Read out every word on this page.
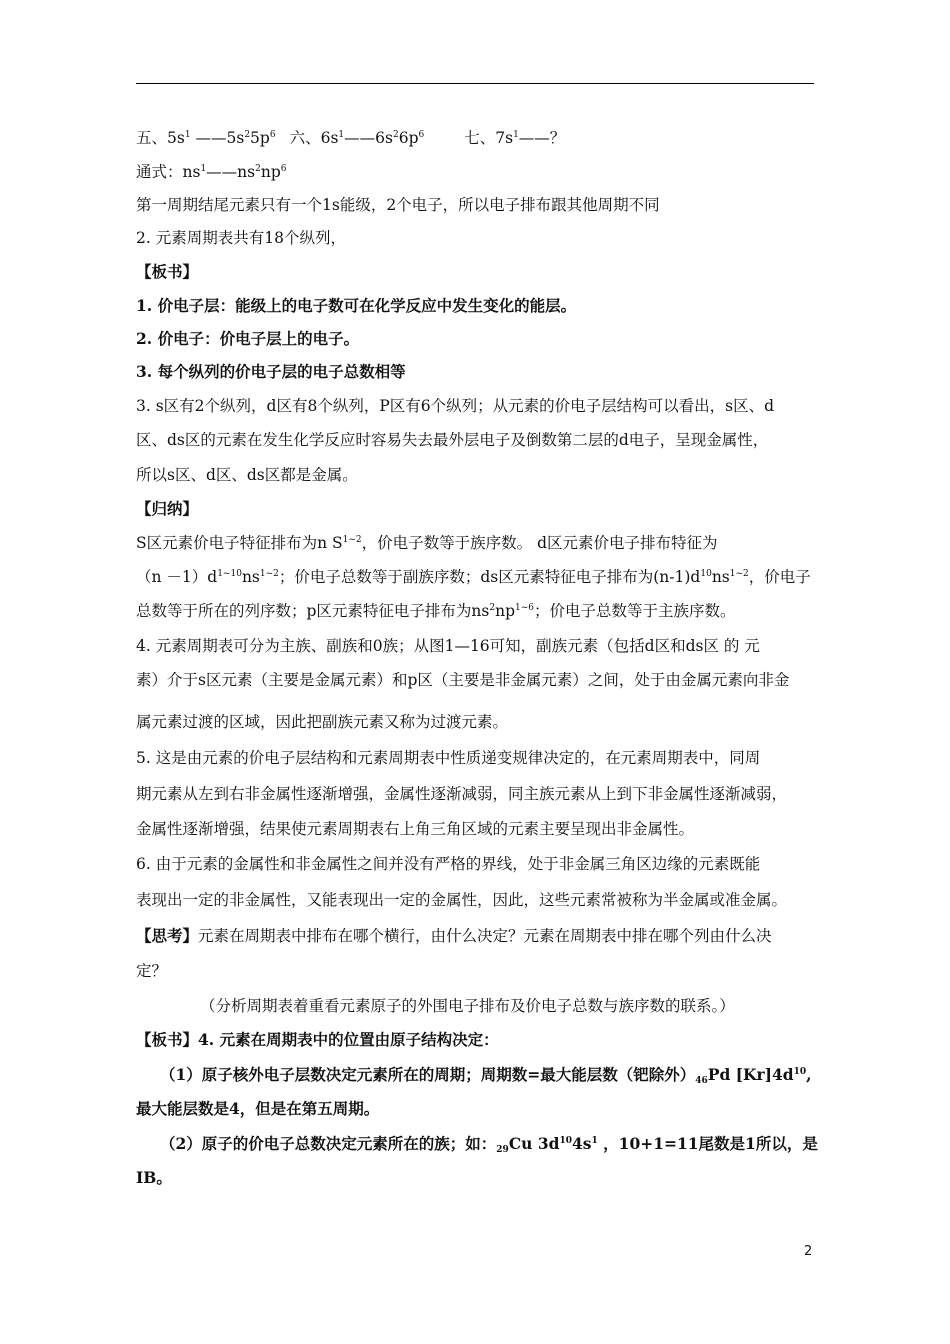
五、$5s^1$ $——5s^25p^6$ 六、$6s^1——6s^26p^6$	七、$7s^1——$？
通式：$ns^1——ns^2np^6$
第一周期结尾元素只有一个1s能级，2个电子，所以电子排布跟其他周期不同
2. 元素周期表共有18个纵列，
【板书】
1. 价电子层：能级上的电子数可在化学反应中发生变化的能层。
2. 价电子：价电子层上的电子。
3. 每个纵列的价电子层的电子总数相等
3. s区有2个纵列，d区有8个纵列，P区有6个纵列；从元素的价电子层结构可以看出，s区、d
区、ds区的元素在发生化学反应时容易失去最外层电子及倒数第二层的d电子，呈现金属性，
所以s区、d区、ds区都是金属。
【归纳】
S区元素价电子特征排布为n $S^{1\sim 2}$，价电子数等于族序数。 d区元素价电子排布特征为
$(n -1)d^{1\sim 10}ns^{1\sim 2}$；价电子总数等于副族序数；ds区元素特征电子排布为$(n-1)d^{10}ns^{1\sim 2}$，价电子
总数等于所在的列序数；p区元素特征电子排布为$ns^2np^{1\sim 6}$；价电子总数等于主族序数。
4. 元素周期表可分为主族、副族和0族；从图1—16可知，副族元素（包括d区和ds区 的 元
素）介于s区元素（主要是金属元素）和p区（主要是非金属元素）之间，处于由金属元素向非金
属元素过渡的区域，因此把副族元素又称为过渡元素。
5. 这是由元素的价电子层结构和元素周期表中性质递变规律决定的，在元素周期表中，同周
期元素从左到右非金属性逐渐增强，金属性逐渐减弱，同主族元素从上到下非金属性逐渐减弱，
金属性逐渐增强，结果使元素周期表右上角三角区域的元素主要呈现出非金属性。
6. 由于元素的金属性和非金属性之间并没有严格的界线，处于非金属三角区边缘的元素既能
表现出一定的非金属性，又能表现出一定的金属性，因此，这些元素常被称为半金属或准金属。
【思考】元素在周期表中排布在哪个横行，由什么决定？元素在周期表中排在哪个列由什么决
定？
（分析周期表着重看元素原子的外围电子排布及价电子总数与族序数的联系。）
【板书】4. 元素在周期表中的位置由原子结构决定：
（1）原子核外电子层数决定元素所在的周期；周期数=最大能层数（钯除外）$_{46}Pd$ $[Kr]4d^{10}$,
最大能层数是4，但是在第五周期。
（2）原子的价电子总数决定元素所在的族；如：$_{29}$Cu $3d^{10}4s^1$ ，10+1=11尾数是1所以，是
IB。
2
